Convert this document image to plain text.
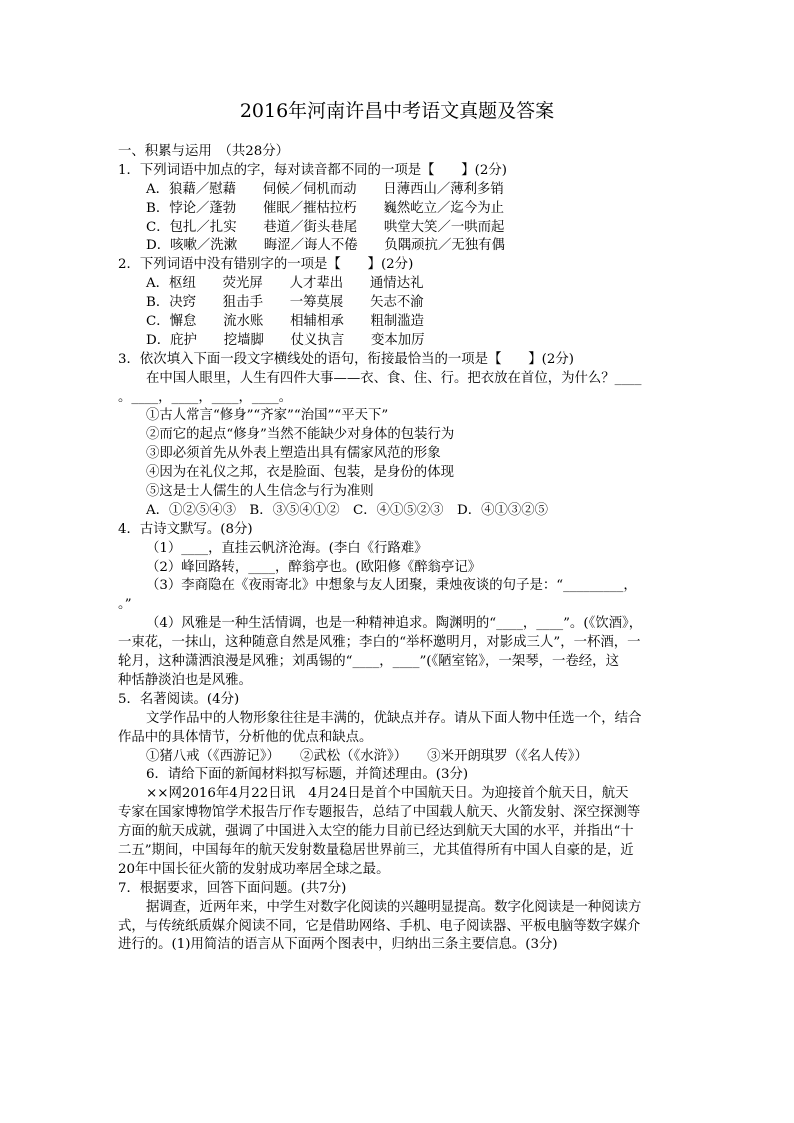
2016年河南许昌中考语文真题及答案
一、积累与运用　（共28分）
1．下列词语中加点的字，每对读音都不同的一项是【　　】(2分)
A．狼藉／慰藉　　伺候／伺机而动　　日薄西山／薄利多销
B．悖论／蓬勃　　催眠／摧枯拉朽　　巍然屹立／迄今为止
C．包扎／扎实　　巷道／街头巷尾　　哄堂大笑／一哄而起
D．咳嗽／洗漱　　晦涩／诲人不倦　　负隅顽抗／无独有偶
2．下列词语中没有错别字的一项是【　　】(2分)
A．枢纽　　荧光屏　　人才辈出　　通情达礼
B．决窍　　狙击手　　一筹莫展　　矢志不渝
C．懈怠　　流水账　　相辅相承　　粗制滥造
D．庇护　　挖墙脚　　仗义执言　　变本加厉
3．依次填入下面一段文字横线处的语句，衔接最恰当的一项是【　　】(2分)
在中国人眼里，人生有四件大事——衣、食、住、行。把衣放在首位，为什么？____
。____，____，____，____。
①古人常言“修身”“齐家”“治国”“平天下”
②而它的起点“修身”当然不能缺少对身体的包装行为
③即必须首先从外表上塑造出具有儒家风范的形象
④因为在礼仪之邦，衣是脸面、包装，是身份的体现
⑤这是士人儒生的人生信念与行为准则
A．①②⑤④③　B．③⑤④①②　C．④①⑤②③　D．④①③②⑤
4．古诗文默写。(8分)
（1）____，直挂云帆济沧海。(李白《行路难》
（2）峰回路转，____，醉翁亭也。(欧阳修《醉翁亭记》
（3）李商隐在《夜雨寄北》中想象与友人团聚，秉烛夜谈的句子是：“_________，
。”
（4）风雅是一种生活情调，也是一种精神追求。陶渊明的“____，____”。(《饮酒》，
一束花，一抹山，这种随意自然是风雅；李白的“举杯邀明月，对影成三人”，一杯酒，一
轮月，这种潇洒浪漫是风雅；刘禹锡的“____，____”(《陋室铭》，一架琴，一卷经，这
种恬静淡泊也是风雅。
5．名著阅读。(4分)
文学作品中的人物形象往往是丰满的，优缺点并存。请从下面人物中任选一个，结合
作品中的具体情节，分析他的优点和缺点。
①猪八戒（《西游记》）　　②武松（《水浒》）　　③米开朗琪罗（《名人传》）
6．请给下面的新闻材料拟写标题，并简述理由。(3分)
××网2016年4月22日讯　4月24日是首个中国航天日。为迎接首个航天日，航天
专家在国家博物馆学术报告厅作专题报告，总结了中国载人航天、火箭发射、深空探测等
方面的航天成就，强调了中国进入太空的能力目前已经达到航天大国的水平，并指出“十
二五”期间，中国每年的航天发射数量稳居世界前三，尤其值得所有中国人自豪的是，近
20年中国长征火箭的发射成功率居全球之最。
7．根据要求，回答下面问题。(共7分)
据调查，近两年来，中学生对数字化阅读的兴趣明显提高。数字化阅读是一种阅读方
式，与传统纸质媒介阅读不同，它是借助网络、手机、电子阅读器、平板电脑等数字媒介
进行的。(1)用简洁的语言从下面两个图表中，归纳出三条主要信息。(3分)
